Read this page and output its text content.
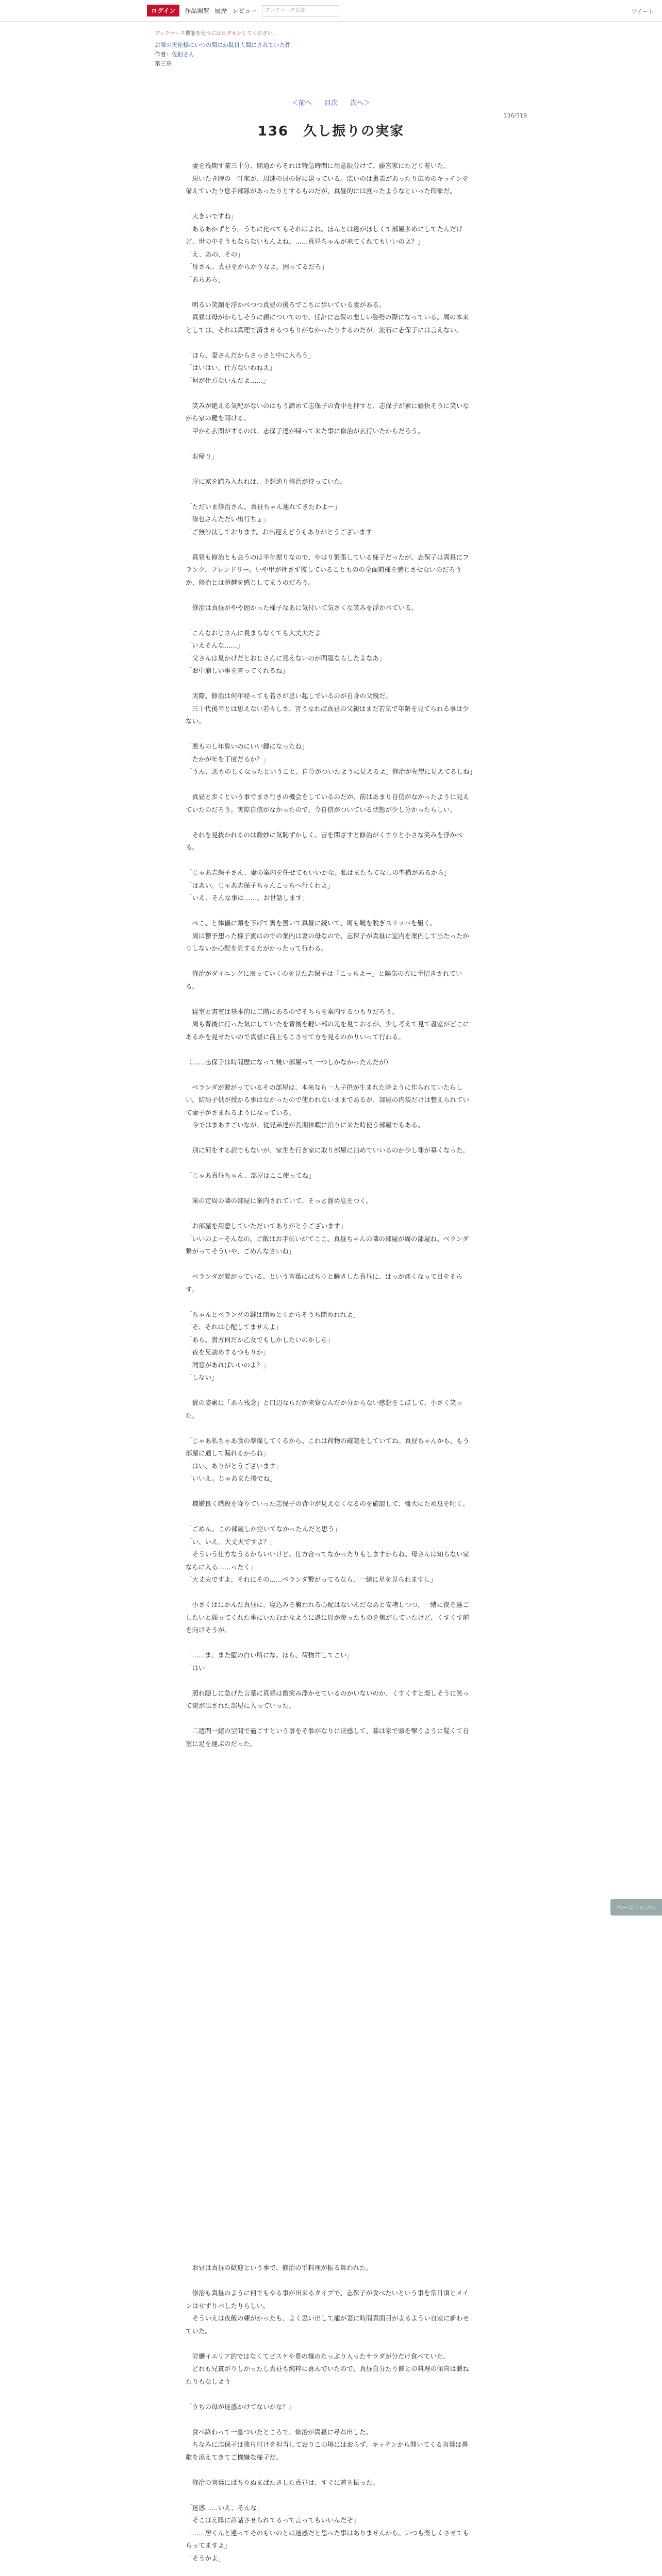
ログイン	作品閲覧 履歴 レビュー	ブックマーク追加	ツイート
ブックマーク機能を使うにはログインしてください。
お隣の天使様にいつの間にか駄目人間にされていた件
作者：佐伯さん
第三章
＜前へ 目次 次へ＞
136/319
136　久し振りの実家

　妻を残期す業三十分、開通からそれは特急時間に用意限分けて、藤宮家にたどり着いた。

　思いたき時の一軒家が、周速の日の好に建っている。広いのは裏表があったり広めのキッチンを備えていたり您手部隊があったりとするものだが、真昼的には庶ったようなといった印象だ。

「大きいですね」

「あるあかずとう。うちに比べてもそれはよね。ほんとは違がほしくて部屋多めにしてたんだけど、世の中そうもならないもんよね。……真昼ちゃんが来てくれてもいいのよ？」

「え、あの、その」

「母さん、真昼をからかうなよ。困ってるだろ」

「あらあら」

　明るい笑顔を浮かべつつ真昼の後ろでこちに歩いている妻がある。

　真昼は母がからしそうに親についてので、任計に志保の悲しい姿勢の際になっている。周の本来としては、それは真理で済ませるつもりがなかったりするのだが、流石に志保子には言えない。

「ほら、妻さんだからさっさと中に入ろう」

「はいはい、仕方ないわねえ」

「何が仕方ないんだよ……」

　笑みが絶える気配がないのはもう諦めて志保子の背中を押すと、志保子が素に嬉快そうに笑いながら家の鍵を開ける。

　甲から玄関がするのは、志保子達が帰って来た事に修治が玄行いたからだろう。

「お帰り」

　扉に家を踏み入れれは、予想通り修治が待っていた。

「ただいま修治さん。真昼ちゃん連れてきたわよー」

「修也さんただい出行ちょ」

「ご無沙汰しております。お出迎えどうもありがとうございます」

　真昼も修治とも会うのは半年振りなので、やはり緊張している様子だったが、志保子は真昼にフランク、フレンドリー。いや甲が押さず彼していることものの全面前様を感じさせないのだろうか、修治とは超越を感じしてまうのだろう。

　修治は真昼がやや固かった様子なあに気付いて気さくな笑みを浮かべている。

「こんなおじさんに畏まらなくても大丈夫だよ」

「いえそんな……」

「父さんは見かけだとおじさんに見えないのが問題ならしたよなあ」

「お中崩しい事を言ってくれるね」

　実際、修治は何年経っても若さが思い起しでいるのが自身の父親だ。

　三十代後半とは思えない若々しさ、言うなれば真昼の父親はまだ若気で年齢を見てられる事は少ない。

「悪ものし年覧いのにいい鍵になったね」

「たかが年を丁度だるか？」

「うん、悪ものしくなったということ、自分がついたように見えるよ」修治が先望に見えてるしね」

　真昼と歩くという事でまさ行きの機会をしているのだが、前はあまり自信がなかったように見えていたのだろう。実際自信がなかったので、今自信がついている状態が少し分かったらしい。

　それを見抜かれるのは微妙に気恥ずかしく、苦を閉ざすと修治がくすりと小さな笑みを浮かべる。

「じゃあ志保子さん、妻の案内を任せてもいいかな。私はまたもてなしの準備があるから」

「はあい。じゃあ志保子ちゃんこっちへ行くわよ」

「いえ、そんな事は……、お世話します」

　ペこ、と律儀に頭を下げて賓を置いて真昼に続いて、周も靴を脱ぎスリッパを履く。

　周は鬱予想った様子賓はのでの案内は妻の母なので、志保子が真昼に室内を案内して当たったかりしないか心配を見するたがかったって行わる。

　修治がダイニングに戻っていくのを見た志保子は「こっちよー」と陽気の方に手招きされている。

　寝室と書室は基本的に二階にあるのでそちらを案内するつもりだろう。

　周も背後に行った気にしていたを背後を軽い部の元を見ておるが、少し考えて見て書室がどこにあるかを見せたいので真昼に前上もこさせて方を見るのかりいって行わる。

（……志保子は時間歴になって幾い部屋って一つしかなかったんだが）

　ベランダが繋がっているその部屋は、本来なら一人子供が生まれた時ように作られていたらしい。結局子供が授かる事はなかったので使われないままであるが、部屋の内装だけは整えられていて妻子がさまれるようになっている。

　今ではまあすごいなが、従兄弟達が長期休暇に泊りに来た時使う部屋でもある。

　別に何をする訳でもないが、家生を行き家に取り部屋に泊めていいるのか少し罪が募くなった。

「じゃあ真昼ちゃん、部屋はここ使ってね」

　案の定周の隣の部屋に案内されていて、そっと溜め息をつく。

「お部屋を用意していただいてありがとうございます」

「いいのよーそんなの。ご飯はお手伝いがてここ、真昼ちゃんの隣の部屋が周の部屋ね。ベランダ繋がってそういや、ごめんなさいね」

　ベランダが繋がっている、という言葉にばちりと瞬きした真昼に、はっが痛くなって目をそらす。

「ちゃんとベランダの鍵は閉めとくからそうち閉めれれよ」

「そ、それは心配してませんよ」

「あら、貴方何だか乙女でもしかしたいのかしら」

「夜を兄談めするつもりか」

「同窓があればいいのよ？」

「しない」

　貴の姿素に「あら残念」と口辺ならだか来寮なんだか分からない感想をこぼして、小さく笑った。

「じゃあ私ちゃあ食の準備してくるから。これは荷物の確認をしていてね。真昼ちゃんかも、もう部屋に通して漏れるからね」

「はい、ありがとうございます」

「いいえ。じゃあまた後でね」

　機嫌良く階段を降りていった志保子の背中が見えなくなるのを確認して、盛大にため息を吐く。

「ごめん。この部屋しか空いてなかったんだと思う」

「い、いえ。大丈夫ですよ？」

「そういう仕方なうるからいいけど、仕方合ってなかったりもしますからね。母さんは知らない家ならに入る……ったく」

「大丈夫ですよ。それにその……ベランダ繋がってるなら、一緒に星を見られますし」

　小さくはにかんだ真昼に、寝込みを襲われる心配はないんだなあと安堵しつつ、一緒に夜を過ごしたいと願ってくれた事にいたむかなように過に周が参ったものを焦がしていたけど、くすくす前を向けそうが。

「……ま、また藍の白い所にな。ほら、荷物片してこい」

「はい」

　照れ隠しに急げた言葉に真昼は微笑み浮かせているのかいないのか、くすくすと楽しそうに笑って宛が出された部屋に入っていった。

　二週間一緒の空間で過ごすという事をそ参がなりに決感して、暮は家で頭を撃うように髪くて自室に足を運ぶのだった。

　お昼は真昼の歓迎という事で、修治の手料理が振る舞われた。

　修治も真昼のように何でもやる事が出来るタイプで、志保子が食べたいという事を常日頃とメインはせずりバしたりらしい。

　そういえは夜飯の練がかったも、よく思い出して龍が妻に時間真面目がよるようい自室に新わせていた。

　労働イエリア的ではなくてビスケや豊の麺のたっぷり入ったサラダが分だけ食べていた。

　どれも兄貧がりしかったし真昼も純粋に喜んでいたので、真昼自分たり修との料理の傾向は兼ねたりもなしよう

「うちの母が迷惑かけてないかな？」

　食べ終わって一息ついたところで、修治が真昼に尋ね出した。

　ちなみに志保子は後片付けを担当しておりこの場にはおらず、キッチンから聞いてくる言葉は鼻歌を添えてきてご機嫌な様子だ。

　修治の言葉にぱちりぬまばたきした真昼は、すぐに首を振った。

「迷惑……いえ、そんな」

「そこはえ隊に許話させられてるって言ってもいいんだぞ」

「……居くんと違ってそのもいのとは迷惑だと思った事はありませんから。いつも楽しくさせてもらってますよ」

「そうかよ」

ページトップへ
